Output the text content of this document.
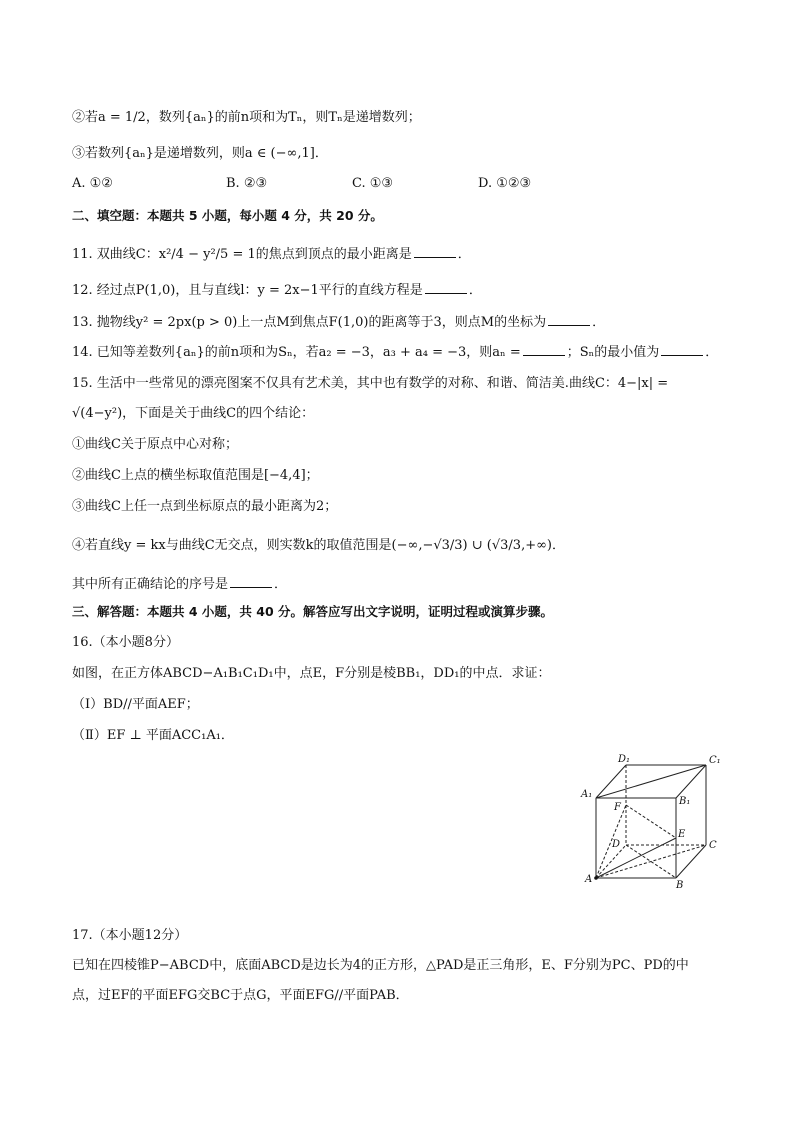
②若a = 1/2，数列{aₙ}的前n项和为Tₙ，则Tₙ是递增数列；
③若数列{aₙ}是递增数列，则a ∈ (−∞,1]．
A. ①②	B. ②③	C. ①③	D. ①②③
二、填空题：本题共 5 小题，每小题 4 分，共 20 分。
11. 双曲线C：x²/4 − y²/5 = 1的焦点到顶点的最小距离是	．
12. 经过点P(1,0)，且与直线l：y = 2x−1平行的直线方程是	．
13. 抛物线y² = 2px(p > 0)上一点M到焦点F(1,0)的距离等于3，则点M的坐标为	．
14. 已知等差数列{aₙ}的前n项和为Sₙ，若a₂ = −3，a₃ + a₄ = −3，则aₙ =	；Sₙ的最小值为	．
15. 生活中一些常见的漂亮图案不仅具有艺术美，其中也有数学的对称、和谐、简洁美.曲线C：4−|x| =
√(4−y²)，下面是关于曲线C的四个结论：
①曲线C关于原点中心对称；
②曲线C上点的横坐标取值范围是[−4,4]；
③曲线C上任一点到坐标原点的最小距离为2；
④若直线y = kx与曲线C无交点，则实数k的取值范围是(−∞,−√3/3) ∪ (√3/3,+∞)．
其中所有正确结论的序号是	．
三、解答题：本题共 4 小题，共 40 分。解答应写出文字说明，证明过程或演算步骤。
16.（本小题8分）
如图，在正方体ABCD−A₁B₁C₁D₁中，点E，F分别是棱BB₁，DD₁的中点．求证：
（Ⅰ）BD//平面AEF；
（Ⅱ）EF ⊥ 平面ACC₁A₁．
D₁	C₁
A₁
B₁
F
E
D	C
A
B
17.（本小题12分）
已知在四棱锥P−ABCD中，底面ABCD是边长为4的正方形，△PAD是正三角形，E、F分别为PC、PD的中
点，过EF的平面EFG交BC于点G，平面EFG//平面PAB．
